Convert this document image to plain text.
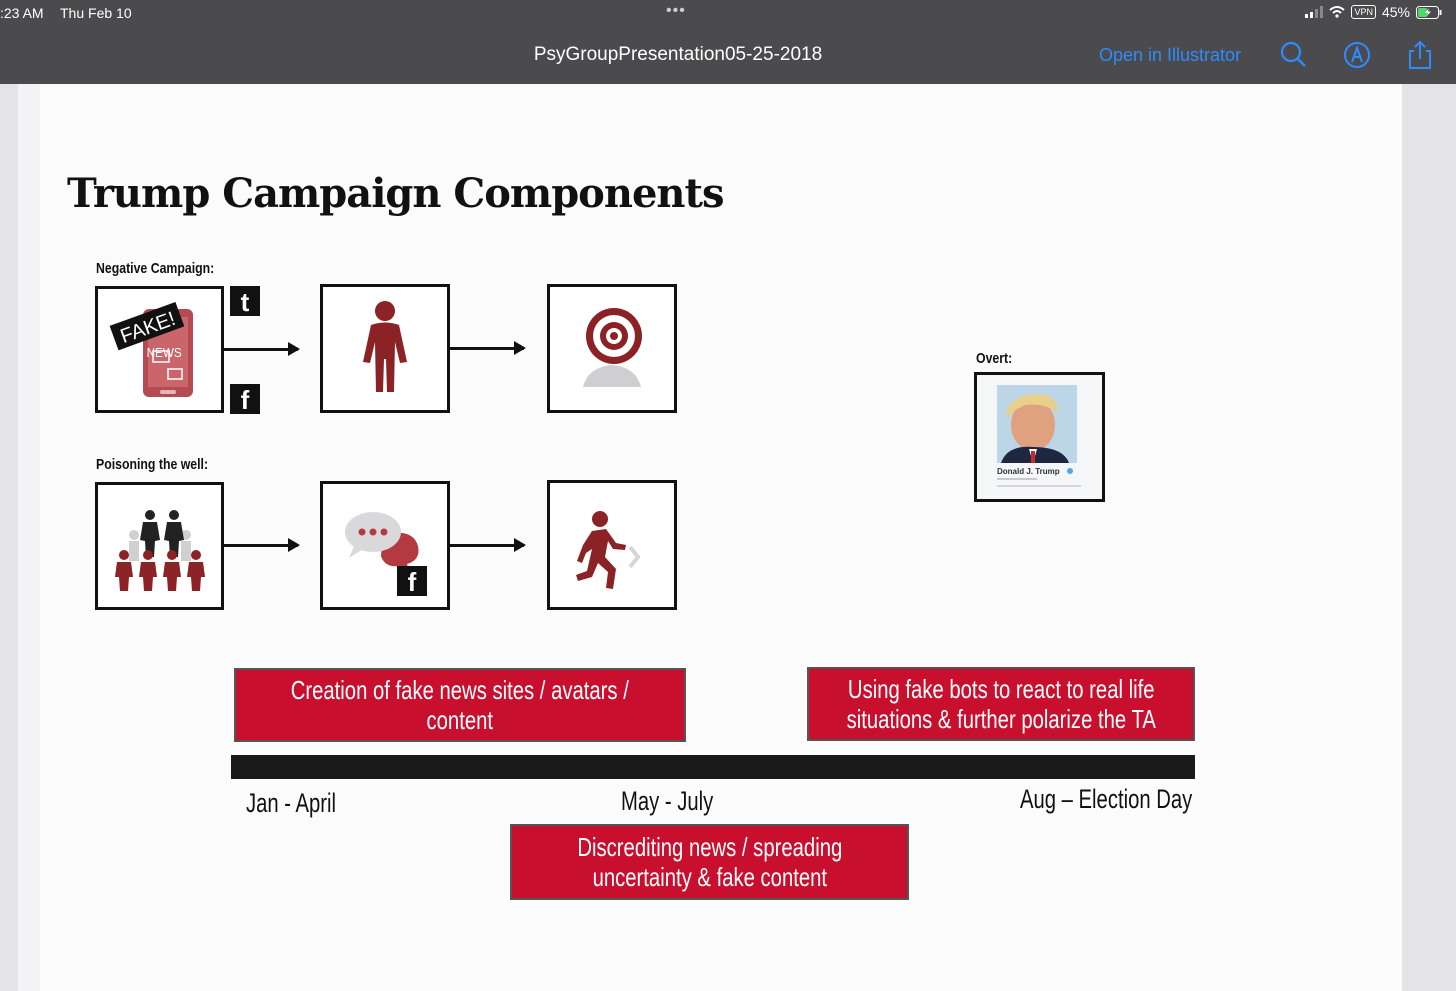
:23 AM Thu Feb 10	•••	VPN 45%
PsyGroupPresentation05-25-2018	Open in Illustrator
Trump Campaign Components
Negative Campaign:
Poisoning the well:
Overt:
NEWS
FAKE!
t
f
f
Donald J. Trump
Creation of fake news sites / avatars /
content
Using fake bots to react to real life
situations & further polarize the TA
Discrediting news / spreading
uncertainty & fake content
Jan - April	May - July	Aug – Election Day
